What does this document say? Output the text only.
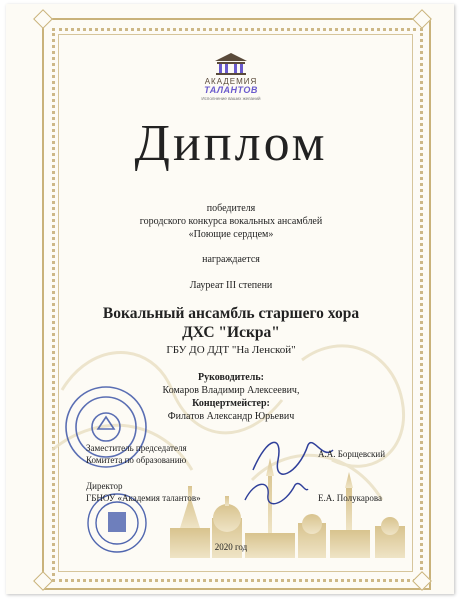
АКАДЕМИЯ
ТАЛАНТОВ
Исполнение ваших желаний
Диплом
победителя
городского конкурса вокальных ансамблей
«Поющие сердцем»
награждается
Лауреат III степени
Вокальный ансамбль старшего хора
ДХС "Искра"
ГБУ ДО ДДТ "На Ленской"
Руководитель:
Комаров Владимир Алексеевич,
Концертмейстер:
Филатов Александр Юрьевич
Заместитель председателя
Комитета по образованию
А.А. Борщевский
Директор
ГБНОУ «Академия талантов»	Е.А. Полукарова
2020 год
